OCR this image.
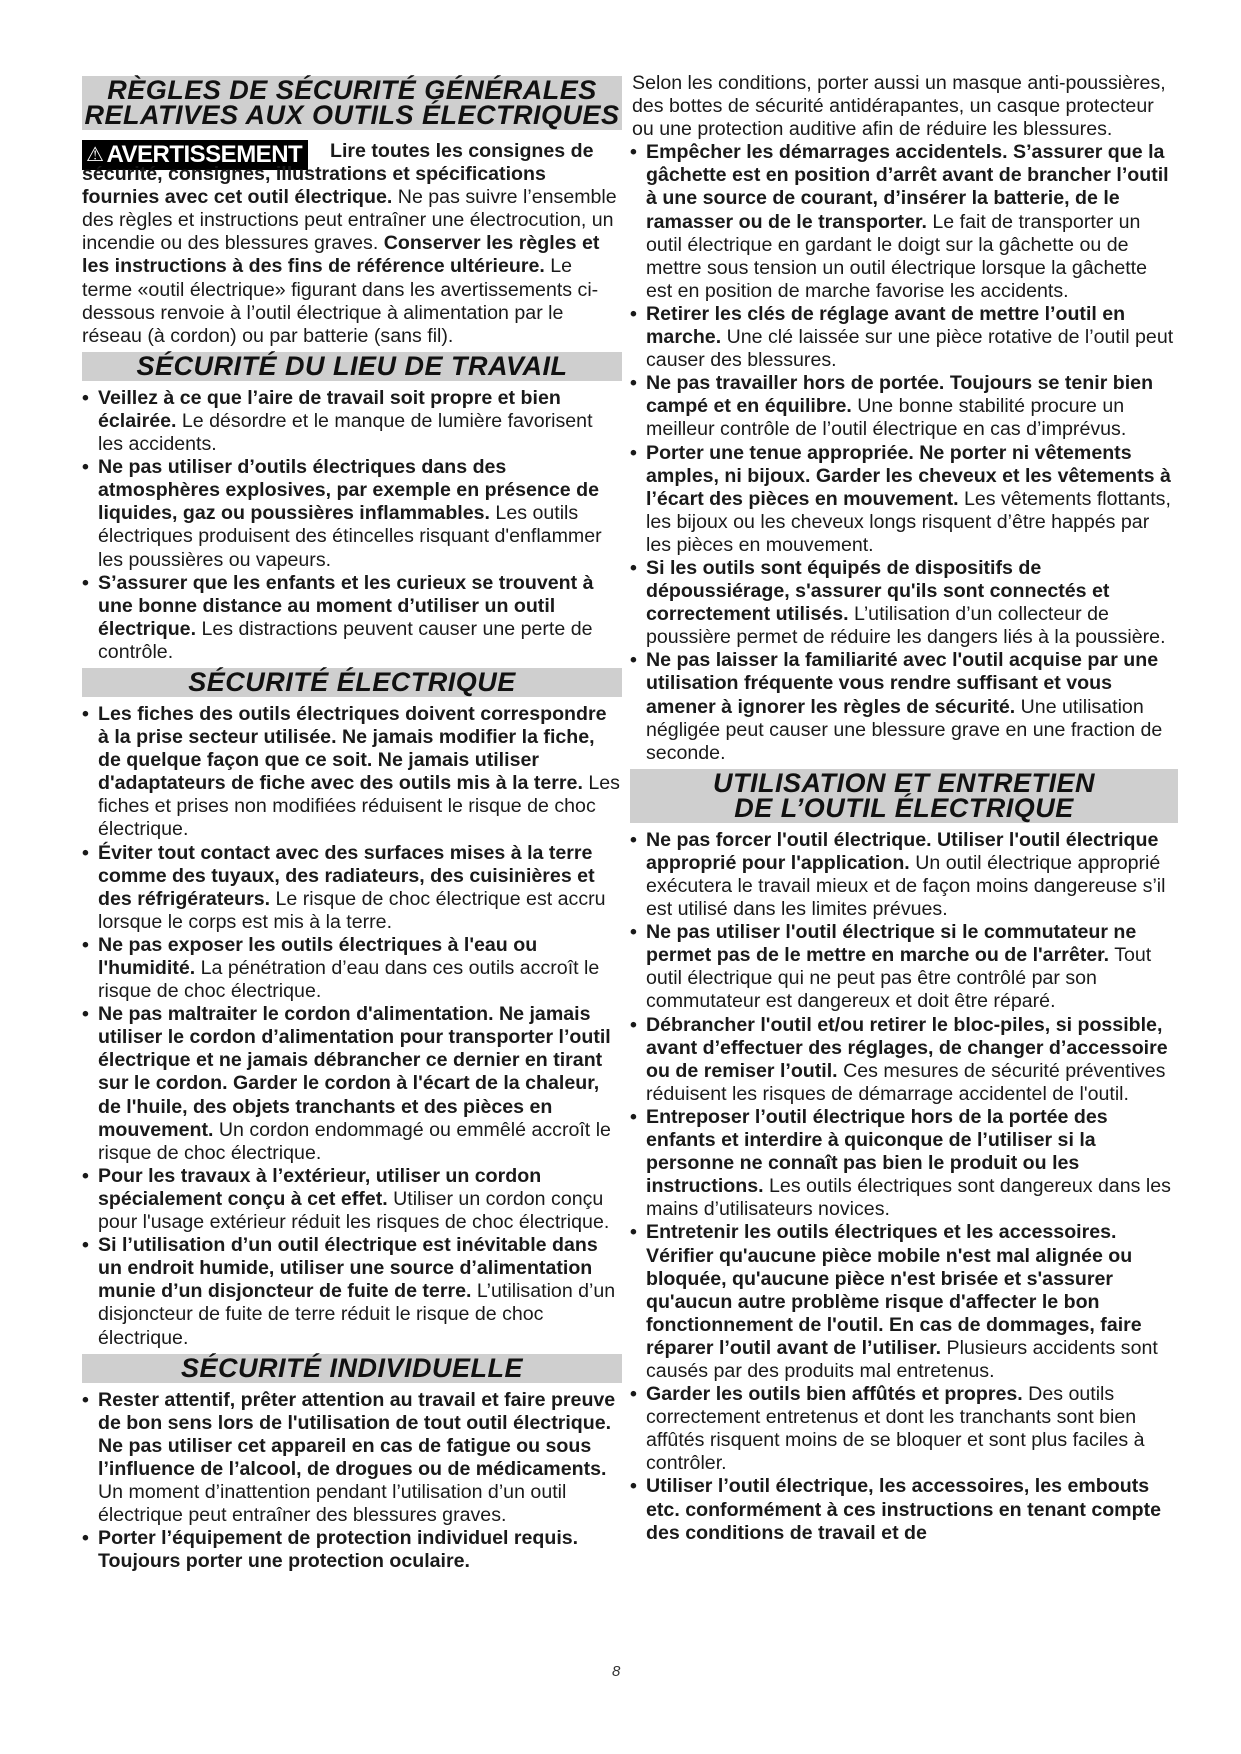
RÈGLES DE SÉCURITÉ GÉNÉRALES
RELATIVES AUX OUTILS ÉLECTRIQUES
⚠ AVERTISSEMENT	Lire toutes les consignes de sécurité, consignes, illustrations et spécifications fournies avec cet outil électrique. Ne pas suivre l’ensemble des règles et instructions peut entraîner une électrocution, un incendie ou des blessures graves. Conserver les règles et les instructions à des fins de référence ultérieure. Le terme «outil électrique» figurant dans les avertissements ci-dessous renvoie à l’outil électrique à alimentation par le réseau (à cordon) ou par batterie (sans fil).

SÉCURITÉ DU LIEU DE TRAVAIL

• Veillez à ce que l’aire de travail soit propre et bien éclairée. Le désordre et le manque de lumière favorisent les accidents.

• Ne pas utiliser d’outils électriques dans des atmosphères explosives, par exemple en présence de liquides, gaz ou poussières inflammables. Les outils électriques produisent des étincelles risquant d'enflammer les poussières ou vapeurs.

• S’assurer que les enfants et les curieux se trouvent à une bonne distance au moment d’utiliser un outil électrique. Les distractions peuvent causer une perte de contrôle.

SÉCURITÉ ÉLECTRIQUE

• Les fiches des outils électriques doivent correspondre à la prise secteur utilisée. Ne jamais modifier la fiche, de quelque façon que ce soit. Ne jamais utiliser d'adaptateurs de fiche avec des outils mis à la terre. Les fiches et prises non modifiées réduisent le risque de choc électrique.

• Éviter tout contact avec des surfaces mises à la terre comme des tuyaux, des radiateurs, des cuisinières et des réfrigérateurs. Le risque de choc électrique est accru lorsque le corps est mis à la terre.

• Ne pas exposer les outils électriques à l'eau ou l'humidité. La pénétration d’eau dans ces outils accroît le risque de choc électrique.

• Ne pas maltraiter le cordon d'alimentation. Ne jamais utiliser le cordon d’alimentation pour transporter l’outil électrique et ne jamais débrancher ce dernier en tirant sur le cordon. Garder le cordon à l'écart de la chaleur, de l'huile, des objets tranchants et des pièces en mouvement. Un cordon endommagé ou emmêlé accroît le risque de choc électrique.

• Pour les travaux à l’extérieur, utiliser un cordon spécialement conçu à cet effet. Utiliser un cordon conçu pour l'usage extérieur réduit les risques de choc électrique.

• Si l’utilisation d’un outil électrique est inévitable dans un endroit humide, utiliser une source d’alimentation munie d’un disjoncteur de fuite de terre. L’utilisation d’un disjoncteur de fuite de terre réduit le risque de choc électrique.

SÉCURITÉ INDIVIDUELLE

• Rester attentif, prêter attention au travail et faire preuve de bon sens lors de l'utilisation de tout outil électrique. Ne pas utiliser cet appareil en cas de fatigue ou sous l’influence de l’alcool, de drogues ou de médicaments. Un moment d’inattention pendant l’utilisation d’un outil électrique peut entraîner des blessures graves.

• Porter l’équipement de protection individuel requis. Toujours porter une protection oculaire.

Selon les conditions, porter aussi un masque anti-poussières, des bottes de sécurité antidérapantes, un casque protecteur ou une protection auditive afin de réduire les blessures.

• Empêcher les démarrages accidentels. S’assurer que la gâchette est en position d’arrêt avant de brancher l’outil à une source de courant, d’insérer la batterie, de le ramasser ou de le transporter. Le fait de transporter un outil électrique en gardant le doigt sur la gâchette ou de mettre sous tension un outil électrique lorsque la gâchette est en position de marche favorise les accidents.

• Retirer les clés de réglage avant de mettre l’outil en marche. Une clé laissée sur une pièce rotative de l’outil peut causer des blessures.

• Ne pas travailler hors de portée. Toujours se tenir bien campé et en équilibre. Une bonne stabilité procure un meilleur contrôle de l’outil électrique en cas d’imprévus.

• Porter une tenue appropriée. Ne porter ni vêtements amples, ni bijoux. Garder les cheveux et les vêtements à l’écart des pièces en mouvement. Les vêtements flottants, les bijoux ou les cheveux longs risquent d’être happés par les pièces en mouvement.

• Si les outils sont équipés de dispositifs de dépoussiérage, s'assurer qu'ils sont connectés et correctement utilisés. L’utilisation d’un collecteur de poussière permet de réduire les dangers liés à la poussière.

• Ne pas laisser la familiarité avec l'outil acquise par une utilisation fréquente vous rendre suffisant et vous amener à ignorer les règles de sécurité. Une utilisation négligée peut causer une blessure grave en une fraction de seconde.

UTILISATION ET ENTRETIEN
DE L’OUTIL ÉLECTRIQUE

• Ne pas forcer l'outil électrique. Utiliser l'outil électrique approprié pour l'application. Un outil électrique approprié exécutera le travail mieux et de façon moins dangereuse s’il est utilisé dans les limites prévues.

• Ne pas utiliser l'outil électrique si le commutateur ne permet pas de le mettre en marche ou de l'arrêter. Tout outil électrique qui ne peut pas être contrôlé par son commutateur est dangereux et doit être réparé.

• Débrancher l'outil et/ou retirer le bloc-piles, si possible, avant d’effectuer des réglages, de changer d’accessoire ou de remiser l’outil. Ces mesures de sécurité préventives réduisent les risques de démarrage accidentel de l'outil.

• Entreposer l’outil électrique hors de la portée des enfants et interdire à quiconque de l’utiliser si la personne ne connaît pas bien le produit ou les instructions. Les outils électriques sont dangereux dans les mains d’utilisateurs novices.

• Entretenir les outils électriques et les accessoires. Vérifier qu'aucune pièce mobile n'est mal alignée ou bloquée, qu'aucune pièce n'est brisée et s'assurer qu'aucun autre problème risque d'affecter le bon fonctionnement de l'outil. En cas de dommages, faire réparer l’outil avant de l’utiliser. Plusieurs accidents sont causés par des produits mal entretenus.

• Garder les outils bien affûtés et propres. Des outils correctement entretenus et dont les tranchants sont bien affûtés risquent moins de se bloquer et sont plus faciles à contrôler.

• Utiliser l’outil électrique, les accessoires, les embouts etc. conformément à ces instructions en tenant compte des conditions de travail et de

8
